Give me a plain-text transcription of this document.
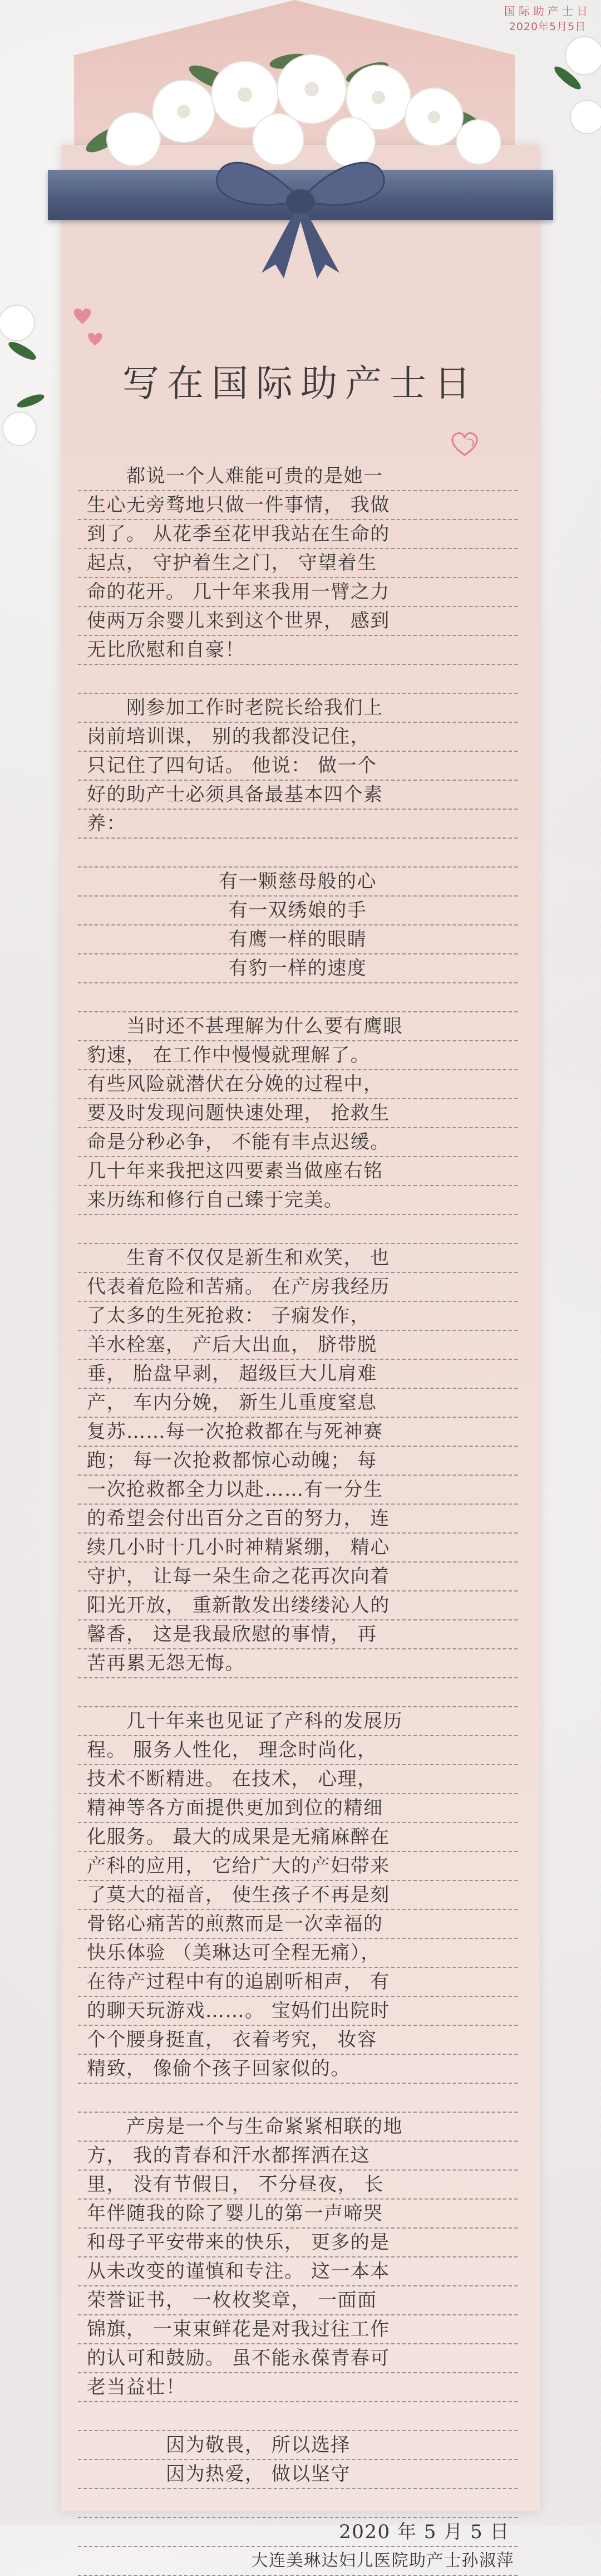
国际助产士日
2020年5月5日
写在国际助产士日
　　都说一个人难能可贵的是她一
生心无旁骛地只做一件事情， 我做
到了。 从花季至花甲我站在生命的
起点， 守护着生之门， 守望着生
命的花开。 几十年来我用一臂之力
使两万余婴儿来到这个世界， 感到
无比欣慰和自豪！
　　刚参加工作时老院长给我们上
岗前培训课， 别的我都没记住，
只记住了四句话。 他说： 做一个
好的助产士必须具备最基本四个素
养：
有一颗慈母般的心
有一双绣娘的手
有鹰一样的眼睛
有豹一样的速度
　　当时还不甚理解为什么要有鹰眼
豹速， 在工作中慢慢就理解了。
有些风险就潜伏在分娩的过程中，
要及时发现问题快速处理， 抢救生
命是分秒必争， 不能有丰点迟缓。
几十年来我把这四要素当做座右铭
来历练和修行自己臻于完美。
　　生育不仅仅是新生和欢笑， 也
代表着危险和苦痛。 在产房我经历
了太多的生死抢救： 子痫发作，
羊水栓塞， 产后大出血， 脐带脱
垂， 胎盘早剥， 超级巨大儿肩难
产， 车内分娩， 新生儿重度窒息
复苏……每一次抢救都在与死神赛
跑； 每一次抢救都惊心动魄； 每
一次抢救都全力以赴……有一分生
的希望会付出百分之百的努力， 连
续几小时十几小时神精紧绷， 精心
守护， 让每一朵生命之花再次向着
阳光开放， 重新散发出缕缕沁人的
馨香， 这是我最欣慰的事情， 再
苦再累无怨无悔。
　　几十年来也见证了产科的发展历
程。 服务人性化， 理念时尚化，
技术不断精进。 在技术， 心理，
精神等各方面提供更加到位的精细
化服务。 最大的成果是无痛麻醉在
产科的应用， 它给广大的产妇带来
了莫大的福音， 使生孩子不再是刻
骨铭心痛苦的煎熬而是一次幸福的
快乐体验 （美琳达可全程无痛），
在待产过程中有的追剧听相声， 有
的聊天玩游戏……。 宝妈们出院时
个个腰身挺直， 衣着考究， 妆容
精致， 像偷个孩子回家似的。
　　产房是一个与生命紧紧相联的地
方， 我的青春和汗水都挥洒在这
里， 没有节假日， 不分昼夜， 长
年伴随我的除了婴儿的第一声啼哭
和母子平安带来的快乐， 更多的是
从未改变的谨慎和专注。 这一本本
荣誉证书， 一枚枚奖章， 一面面
锦旗， 一束束鲜花是对我过往工作
的认可和鼓励。 虽不能永葆青春可
老当益壮！
　　　　因为敬畏， 所以选择
　　　　因为热爱， 做以坚守
2020 年 5 月 5 日
大连美琳达妇儿医院助产士孙淑萍
